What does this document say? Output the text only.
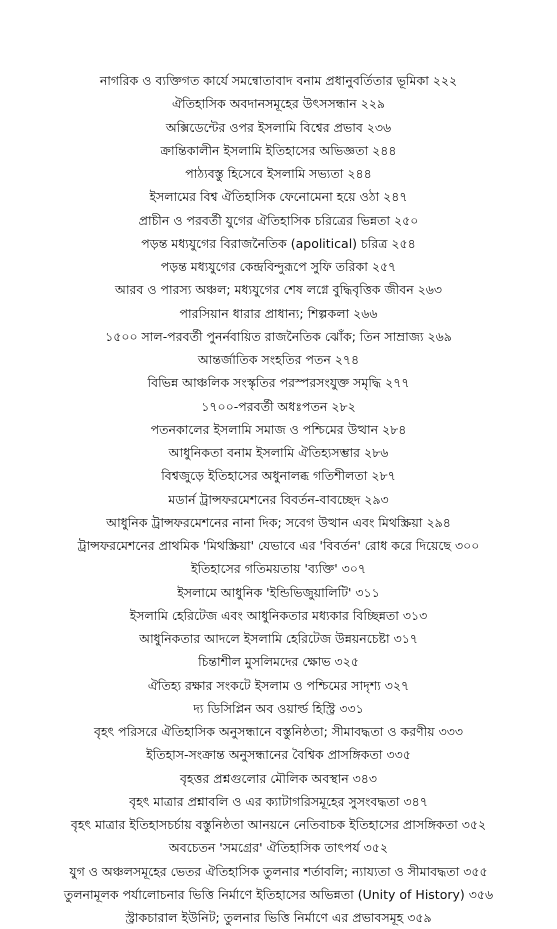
নাগরিক ও ব্যক্তিগত কার্যে সমন্বোতাবাদ বনাম প্রধানুবর্তিতার ভূমিকা ২২২
ঐতিহাসিক অবদানসমূহের উৎসসন্ধান ২২৯
অক্সিডেন্টের ওপর ইসলামি বিশ্বের প্রভাব ২৩৬
ক্রান্তিকালীন ইসলামি ইতিহাসের অভিজ্ঞতা ২৪৪
পাঠ্যবস্তু হিসেবে ইসলামি সভ্যতা ২৪৪
ইসলামের বিশ্ব ঐতিহাসিক ফেনোমেনা হয়ে ওঠা ২৪৭
প্রাচীন ও পরবর্তী যুগের ঐতিহাসিক চরিত্রের ভিন্নতা ২৫০
পড়ন্ত মধ্যযুগের বিরাজনৈতিক (apolitical) চরিত্র ২৫৪
পড়ন্ত মধ্যযুগের কেন্দ্রবিন্দুরূপে সুফি তরিকা ২৫৭
আরব ও পারস্য অঞ্চল; মধ্যযুগের শেষ লগ্নে বুদ্ধিবৃত্তিক জীবন ২৬৩
পারসিয়ান ধারার প্রাধান্য; শিল্পকলা ২৬৬
১৫০০ সাল-পরবর্তী পুনর্নবায়িত রাজনৈতিক ঝোঁক; তিন সাম্রাজ্য ২৬৯
আন্তর্জাতিক সংহতির পতন ২৭৪
বিভিন্ন আঞ্চলিক সংস্কৃতির পরস্পরসংযুক্ত সমৃদ্ধি ২৭৭
১৭০০-পরবর্তী অধঃপতন ২৮২
পতনকালের ইসলামি সমাজ ও পশ্চিমের উত্থান ২৮৪
আধুনিকতা বনাম ইসলামি ঐতিহ্যসম্ভার ২৮৬
বিশ্বজুড়ে ইতিহাসের অধুনালব্ধ গতিশীলতা ২৮৭
মডার্ন ট্রান্সফরমেশনের বিবর্তন-বাবচ্ছেদ ২৯৩
আধুনিক ট্রান্সফরমেশনের নানা দিক; সবেগ উত্থান এবং মিথস্ক্রিয়া ২৯৪
ট্রান্সফরমেশনের প্রাথমিক 'মিথস্ক্রিয়া' যেভাবে এর 'বিবর্তন' রোধ করে দিয়েছে ৩০০
ইতিহাসের গতিময়তায় 'ব্যক্তি' ৩০৭
ইসলামে আধুনিক 'ইন্ডিভিজুয়ালিটি' ৩১১
ইসলামি হেরিটেজ এবং আধুনিকতার মধ্যকার বিচ্ছিন্নতা ৩১৩
আধুনিকতার আদলে ইসলামি হেরিটেজ উন্নয়নচেষ্টা ৩১৭
চিন্তাশীল মুসলিমদের ক্ষোভ ৩২৫
ঐতিহ্য রক্ষার সংকটে ইসলাম ও পশ্চিমের সাদৃশ্য ৩২৭
দ্য ডিসিপ্লিন অব ওয়ার্ল্ড হিস্ট্রি ৩৩১
বৃহৎ পরিসরে ঐতিহাসিক অনুসন্ধানে বস্তুনিষ্ঠতা; সীমাবদ্ধতা ও করণীয় ৩৩৩
ইতিহাস-সংক্রান্ত অনুসন্ধানের বৈশ্বিক প্রাসঙ্গিকতা ৩৩৫
বৃহত্তর প্রশ্নগুলোর মৌলিক অবস্থান ৩৪৩
বৃহৎ মাত্রার প্রশ্নাবলি ও এর ক্যাটাগরিসমূহের সুসংবদ্ধতা ৩৪৭
বৃহৎ মাত্রার ইতিহাসচর্চায় বস্তুনিষ্ঠতা আনয়নে নেতিবাচক ইতিহাসের প্রাসঙ্গিকতা ৩৫২
অবচেতন 'সমগ্রের' ঐতিহাসিক তাৎপর্য ৩৫২
যুগ ও অঞ্চলসমূহের ভেতর ঐতিহাসিক তুলনার শর্তাবলি; ন্যায্যতা ও সীমাবদ্ধতা ৩৫৫
তুলনামূলক পর্যালোচনার ভিত্তি নির্মাণে ইতিহাসের অভিন্নতা (Unity of History) ৩৫৬
স্ট্রাকচারাল ইউনিট; তুলনার ভিত্তি নির্মাণে এর প্রভাবসমূহ ৩৫৯
